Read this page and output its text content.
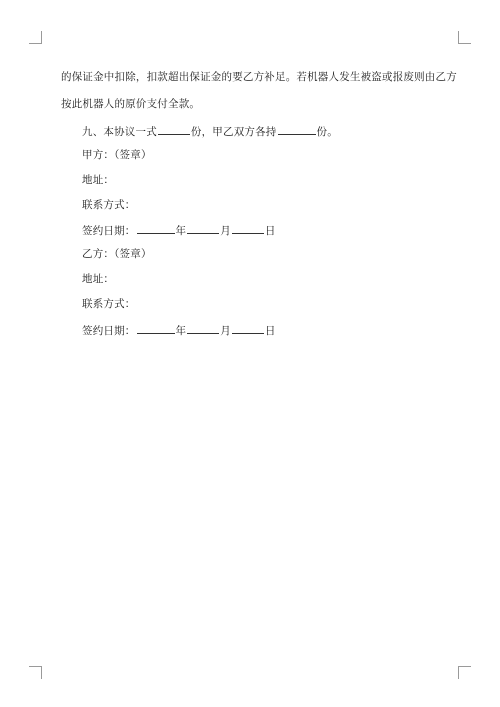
的保证金中扣除，扣款超出保证金的要乙方补足。若机器人发生被盗或报废则由乙方
按此机器人的原价支付全款。
九、本协议一式	份，甲乙双方各持	份。
甲方：（签章）
地址：
联系方式：
签约日期：	年	月	日
乙方：（签章）
地址：
联系方式：
签约日期：	年	月	日
